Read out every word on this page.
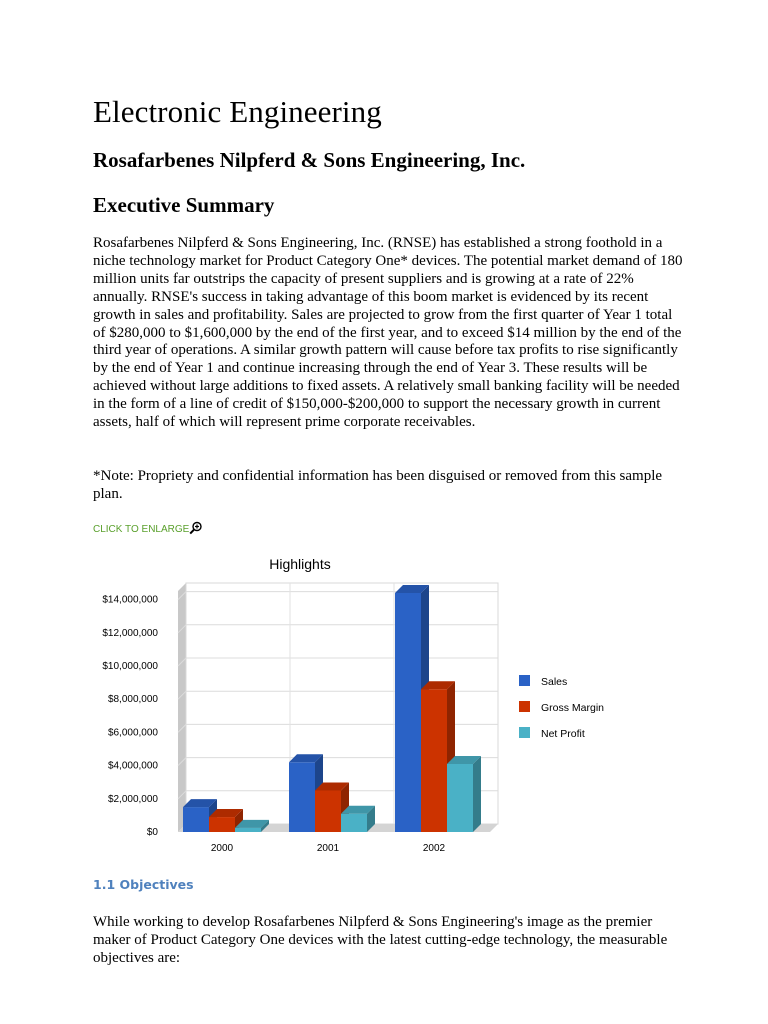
Electronic Engineering
Rosafarbenes Nilpferd & Sons Engineering, Inc.
Executive Summary

Rosafarbenes Nilpferd & Sons Engineering, Inc. (RNSE) has established a strong foothold in a niche technology market for Product Category One* devices. The potential market demand of 180 million units far outstrips the capacity of present suppliers and is growing at a rate of 22% annually. RNSE's success in taking advantage of this boom market is evidenced by its recent growth in sales and profitability. Sales are projected to grow from the first quarter of Year 1 total of $280,000 to $1,600,000 by the end of the first year, and to exceed $14 million by the end of the third year of operations. A similar growth pattern will cause before tax profits to rise significantly by the end of Year 1 and continue increasing through the end of Year 3. These results will be achieved without large additions to fixed assets. A relatively small banking facility will be needed in the form of a line of credit of $150,000-$200,000 to support the necessary growth in current assets, half of which will represent prime corporate receivables.

*Note: Propriety and confidential information has been disguised or removed from this sample plan.

CLICK TO ENLARGE

1.1 Objectives

While working to develop Rosafarbenes Nilpferd & Sons Engineering's image as the premier maker of Product Category One devices with the latest cutting-edge technology, the measurable objectives are:

$0
$2,000,000
$4,000,000
$6,000,000
$8,000,000
$10,000,000
$12,000,000
$14,000,000
2000	2001	2002
Highlights
Sales
Gross Margin
Net Profit
